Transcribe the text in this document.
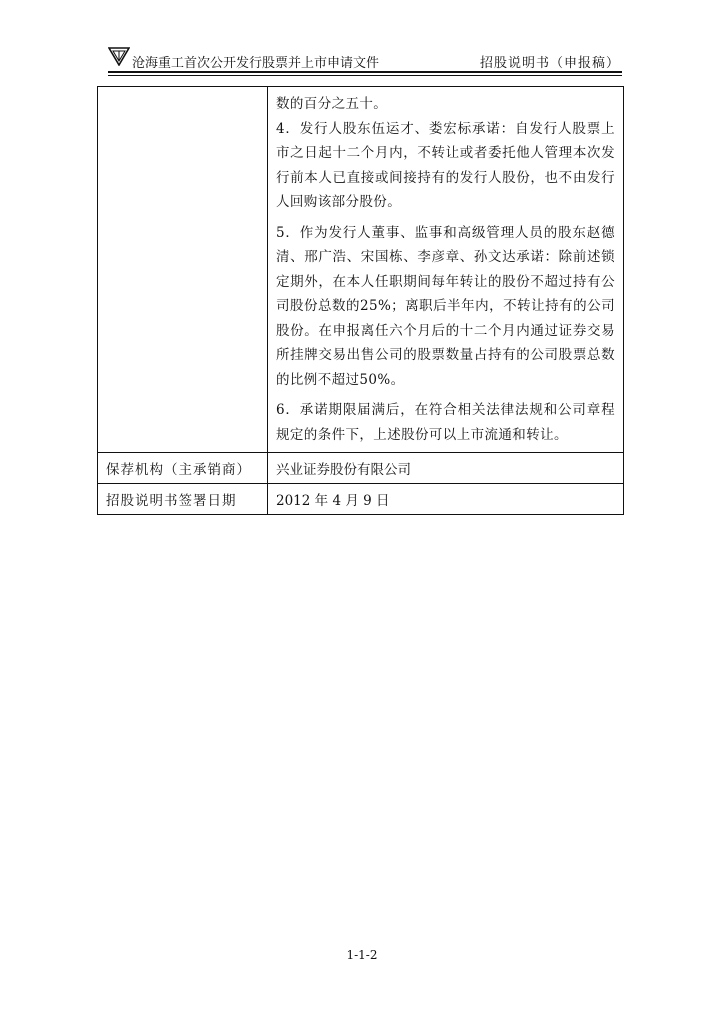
沧海重工首次公开发行股票并上市申请文件	招股说明书（申报稿）

	数的百分之五十。
4．发行人股东伍运才、娄宏标承诺：自发行人股票上市之日起十二个月内，不转让或者委托他人管理本次发行前本人已直接或间接持有的发行人股份，也不由发行人回购该部分股份。
5．作为发行人董事、监事和高级管理人员的股东赵德清、邢广浩、宋国栋、李彦章、孙文达承诺：除前述锁定期外，在本人任职期间每年转让的股份不超过持有公司股份总数的25%；离职后半年内，不转让持有的公司股份。在申报离任六个月后的十二个月内通过证券交易所挂牌交易出售公司的股票数量占持有的公司股票总数的比例不超过50%。
6．承诺期限届满后，在符合相关法律法规和公司章程规定的条件下，上述股份可以上市流通和转让。

保荐机构（主承销商）	兴业证券股份有限公司
招股说明书签署日期	2012 年 4 月 9 日
1-1-2
